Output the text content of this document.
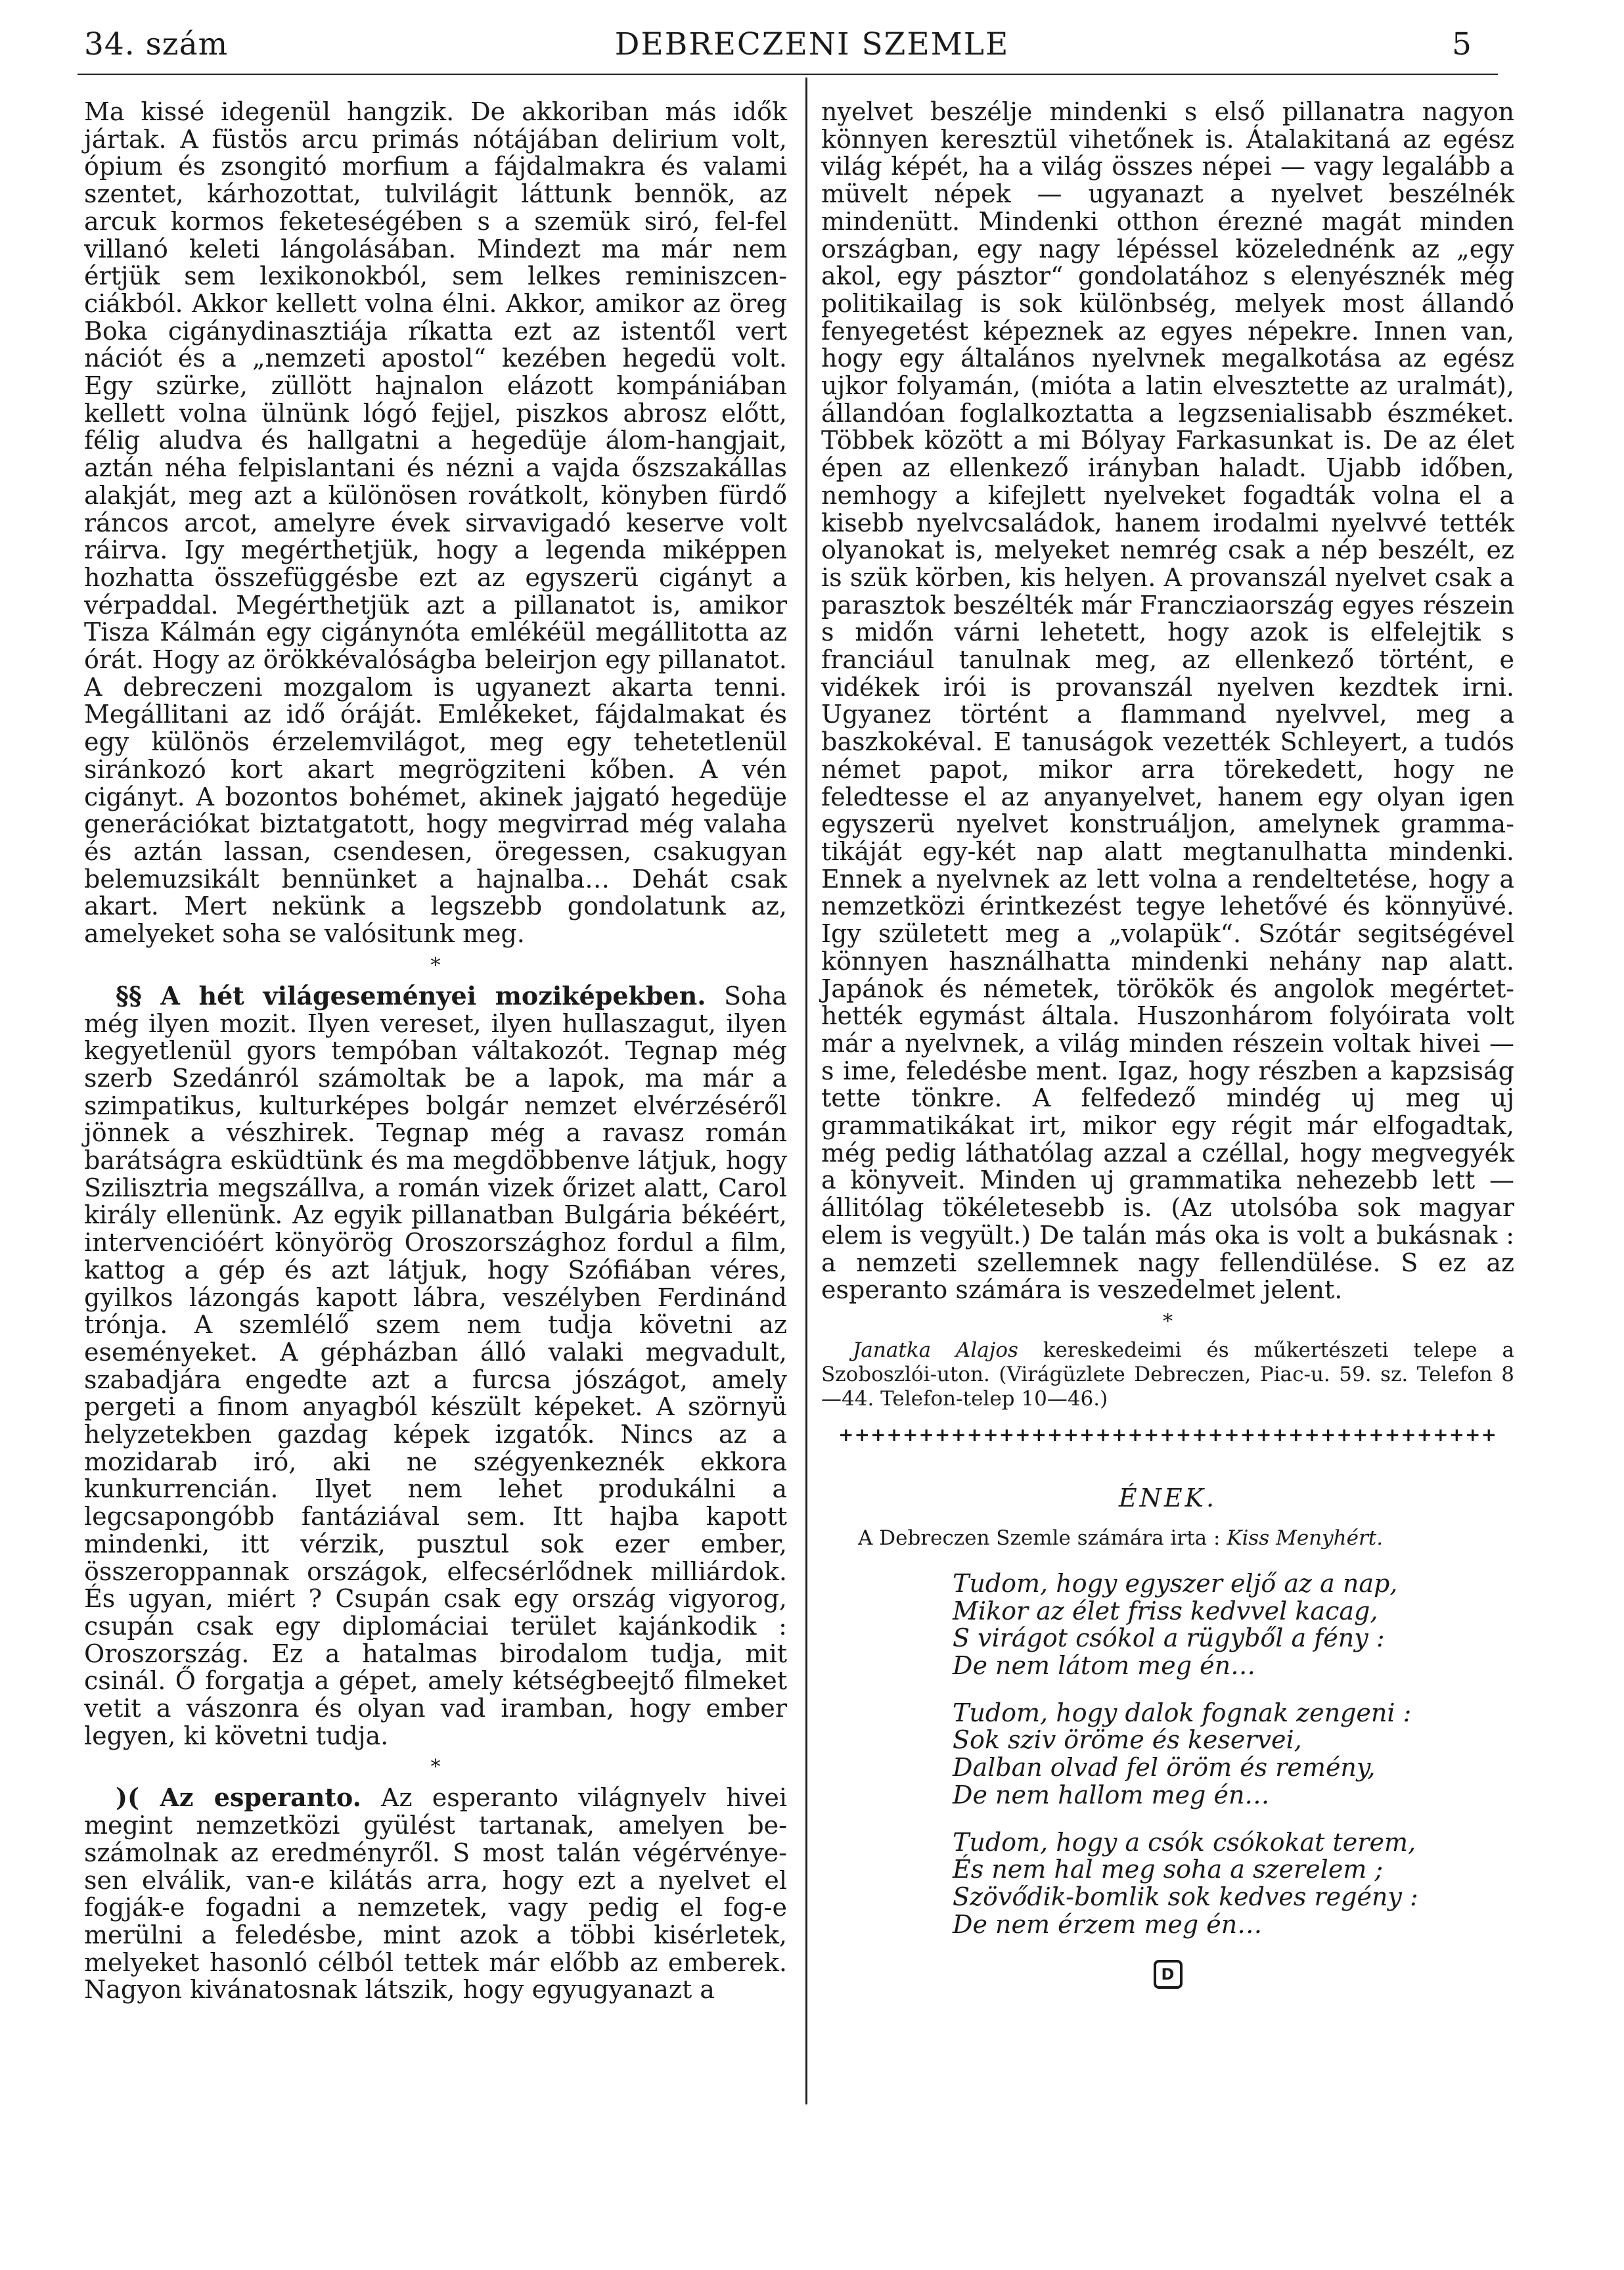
34. szám	DEBRECZENI SZEMLE	5

Ma kissé idegenül hangzik. De akkoriban más idők jártak. A füstös arcu primás nótájában delirium volt, ópium és zsongitó morfium a fájdalmakra és valami szentet, kárhozottat, tulvilágit láttunk bennök, az arcuk kormos feketeségében s a szemük siró, fel-fel villanó keleti lángolásában. Mindezt ma már nem értjük sem lexikonokból, sem lelkes reminiszcenciákból. Akkor kellett volna élni. Akkor, amikor az öreg Boka cigánydinasztiája ríkatta ezt az istentől vert nációt és a „nemzeti apostol“ kezében hegedü volt. Egy szürke, züllött hajnalon elázott kompániában kellett volna ülnünk lógó fejjel, piszkos abrosz előtt, félig aludva és hallgatni a hegedüje álom-hangjait, aztán néha felpislantani és nézni a vajda őszszakállas alakját, meg azt a különösen rovátkolt, könyben fürdő ráncos arcot, amelyre évek sirvavigadó keserve volt ráirva. Igy megérthetjük, hogy a legenda miképpen hozhatta összefüggésbe ezt az egyszerü cigányt a vérpaddal. Megérthetjük azt a pillanatot is, amikor Tisza Kálmán egy cigánynóta emlékéül megállitotta az órát. Hogy az örökkévalóságba beleirjon egy pillanatot. A debreczeni mozgalom is ugyanezt akarta tenni. Megállitani az idő óráját. Emlékeket, fájdalmakat és egy különös érzelemvilágot, meg egy tehetetlenül siránkozó kort akart megrögziteni kőben. A vén cigányt. A bozontos bohémet, akinek jajgató hegedüje generációkat biztatgatott, hogy megvirrad még valaha és aztán lassan, csendesen, öregessen, csakugyan belemuzsikált bennünket a hajnalba… Dehát csak akart. Mert nekünk a legszebb gondolatunk az, amelyeket soha se valósitunk meg.

*

§§ A hét világeseményei moziképekben. Soha még ilyen mozit. Ilyen vereset, ilyen hullaszagut, ilyen kegyetlenül gyors tempóban váltakozót. Tegnap még szerb Szedánról számoltak be a lapok, ma már a szimpatikus, kulturképes bolgár nemzet elvérzéséről jönnek a vészhirek. Tegnap még a ravasz román barátságra esküdtünk és ma megdöbbenve látjuk, hogy Szilisztria megszállva, a román vizek őrizet alatt, Carol király ellenünk. Az egyik pillanatban Bulgária békéért, intervencióért könyörög Oroszországhoz fordul a film, kattog a gép és azt látjuk, hogy Szófiában véres, gyilkos lázongás kapott lábra, veszélyben Ferdinánd trónja. A szemlélő szem nem tudja követni az eseményeket. A gépházban álló valaki megvadult, szabadjára engedte azt a furcsa jószágot, amely pergeti a finom anyagból készült képeket. A szörnyü helyzetekben gazdag képek izgatók. Nincs az a mozidarab iró, aki ne szégyenkeznék ekkora kunkurrencián. Ilyet nem lehet produkálni a legcsapongóbb fantáziával sem. Itt hajba kapott mindenki, itt vérzik, pusztul sok ezer ember, összeroppannak országok, elfecsérlődnek milliárdok. És ugyan, miért ? Csupán csak egy ország vigyorog, csupán csak egy diplomáciai terület kajánkodik : Oroszország. Ez a hatalmas birodalom tudja, mit csinál. Ő forgatja a gépet, amely kétségbeejtő filmeket vetit a vászonra és olyan vad iramban, hogy ember legyen, ki követni tudja.

*

)( Az esperanto. Az esperanto világnyelv hivei megint nemzetközi gyülést tartanak, amelyen beszámolnak az eredményről. S most talán végérvényesen elválik, van-e kilátás arra, hogy ezt a nyelvet el fogják-e fogadni a nemzetek, vagy pedig el fog-e merülni a feledésbe, mint azok a többi kisérletek, melyeket hasonló célból tettek már előbb az emberek. Nagyon kivánatosnak látszik, hogy egyugyanazt a

nyelvet beszélje mindenki s első pillanatra nagyon könnyen keresztül vihetőnek is. Átalakitaná az egész világ képét, ha a világ összes népei — vagy legalább a müvelt népek — ugyanazt a nyelvet beszélnék mindenütt. Mindenki otthon érezné magát minden országban, egy nagy lépéssel közelednénk az „egy akol, egy pásztor“ gondolatához s elenyésznék még politikailag is sok különbség, melyek most állandó fenyegetést képeznek az egyes népekre. Innen van, hogy egy általános nyelvnek megalkotása az egész ujkor folyamán, (mióta a latin elvesztette az uralmát), állandóan foglalkoztatta a legzsenialisabb észméket. Többek között a mi Bólyay Farkasunkat is. De az élet épen az ellenkező irányban haladt. Ujabb időben, nemhogy a kifejlett nyelveket fogadták volna el a kisebb nyelvcsaládok, hanem irodalmi nyelvvé tették olyanokat is, melyeket nemrég csak a nép beszélt, ez is szük körben, kis helyen. A provanszál nyelvet csak a parasztok beszélték már Francziaország egyes részein s midőn várni lehetett, hogy azok is elfelejtik s franciául tanulnak meg, az ellenkező történt, e vidékek irói is provanszál nyelven kezdtek irni. Ugyanez történt a flammand nyelvvel, meg a baszkokéval. E tanuságok vezették Schleyert, a tudós német papot, mikor arra törekedett, hogy ne feledtesse el az anyanyelvet, hanem egy olyan igen egyszerü nyelvet konstruáljon, amelynek grammatikáját egy-két nap alatt megtanulhatta mindenki. Ennek a nyelvnek az lett volna a rendeltetése, hogy a nemzetközi érintkezést tegye lehetővé és könnyüvé. Igy született meg a „volapük“. Szótár segitségével könnyen használhatta mindenki nehány nap alatt. Japánok és németek, törökök és angolok megértethették egymást általa. Huszonhárom folyóirata volt már a nyelvnek, a világ minden részein voltak hivei — s ime, feledésbe ment. Igaz, hogy részben a kapzsiság tette tönkre. A felfedező mindég uj meg uj grammatikákat irt, mikor egy régit már elfogadtak, még pedig láthatólag azzal a czéllal, hogy megvegyék a könyveit. Minden uj grammatika nehezebb lett — állitólag tökéletesebb is. (Az utolsóba sok magyar elem is vegyült.) De talán más oka is volt a bukásnak : a nemzeti szellemnek nagy fellendülése. S ez az esperanto számára is veszedelmet jelent.

*

Janatka Alajos kereskedeimi és műkertészeti telepe a Szoboszlói-uton. (Virágüzlete Debreczen, Piac-u. 59. sz. Telefon 8—44. Telefon-telep 10—46.)

+++++++++++++++++++++++++++++++++++++++++
ÉNEK.
A Debreczen Szemle számára irta : Kiss Menyhért.
Tudom, hogy egyszer eljő az a nap,
Mikor az élet friss kedvvel kacag,
S virágot csókol a rügyből a fény :
De nem látom meg én…
Tudom, hogy dalok fognak zengeni :
Sok sziv öröme és keservei,
Dalban olvad fel öröm és remény,
De nem hallom meg én…
Tudom, hogy a csók csókokat terem,
És nem hal meg soha a szerelem ;
Szövődik-bomlik sok kedves regény :
De nem érzem meg én…
D
